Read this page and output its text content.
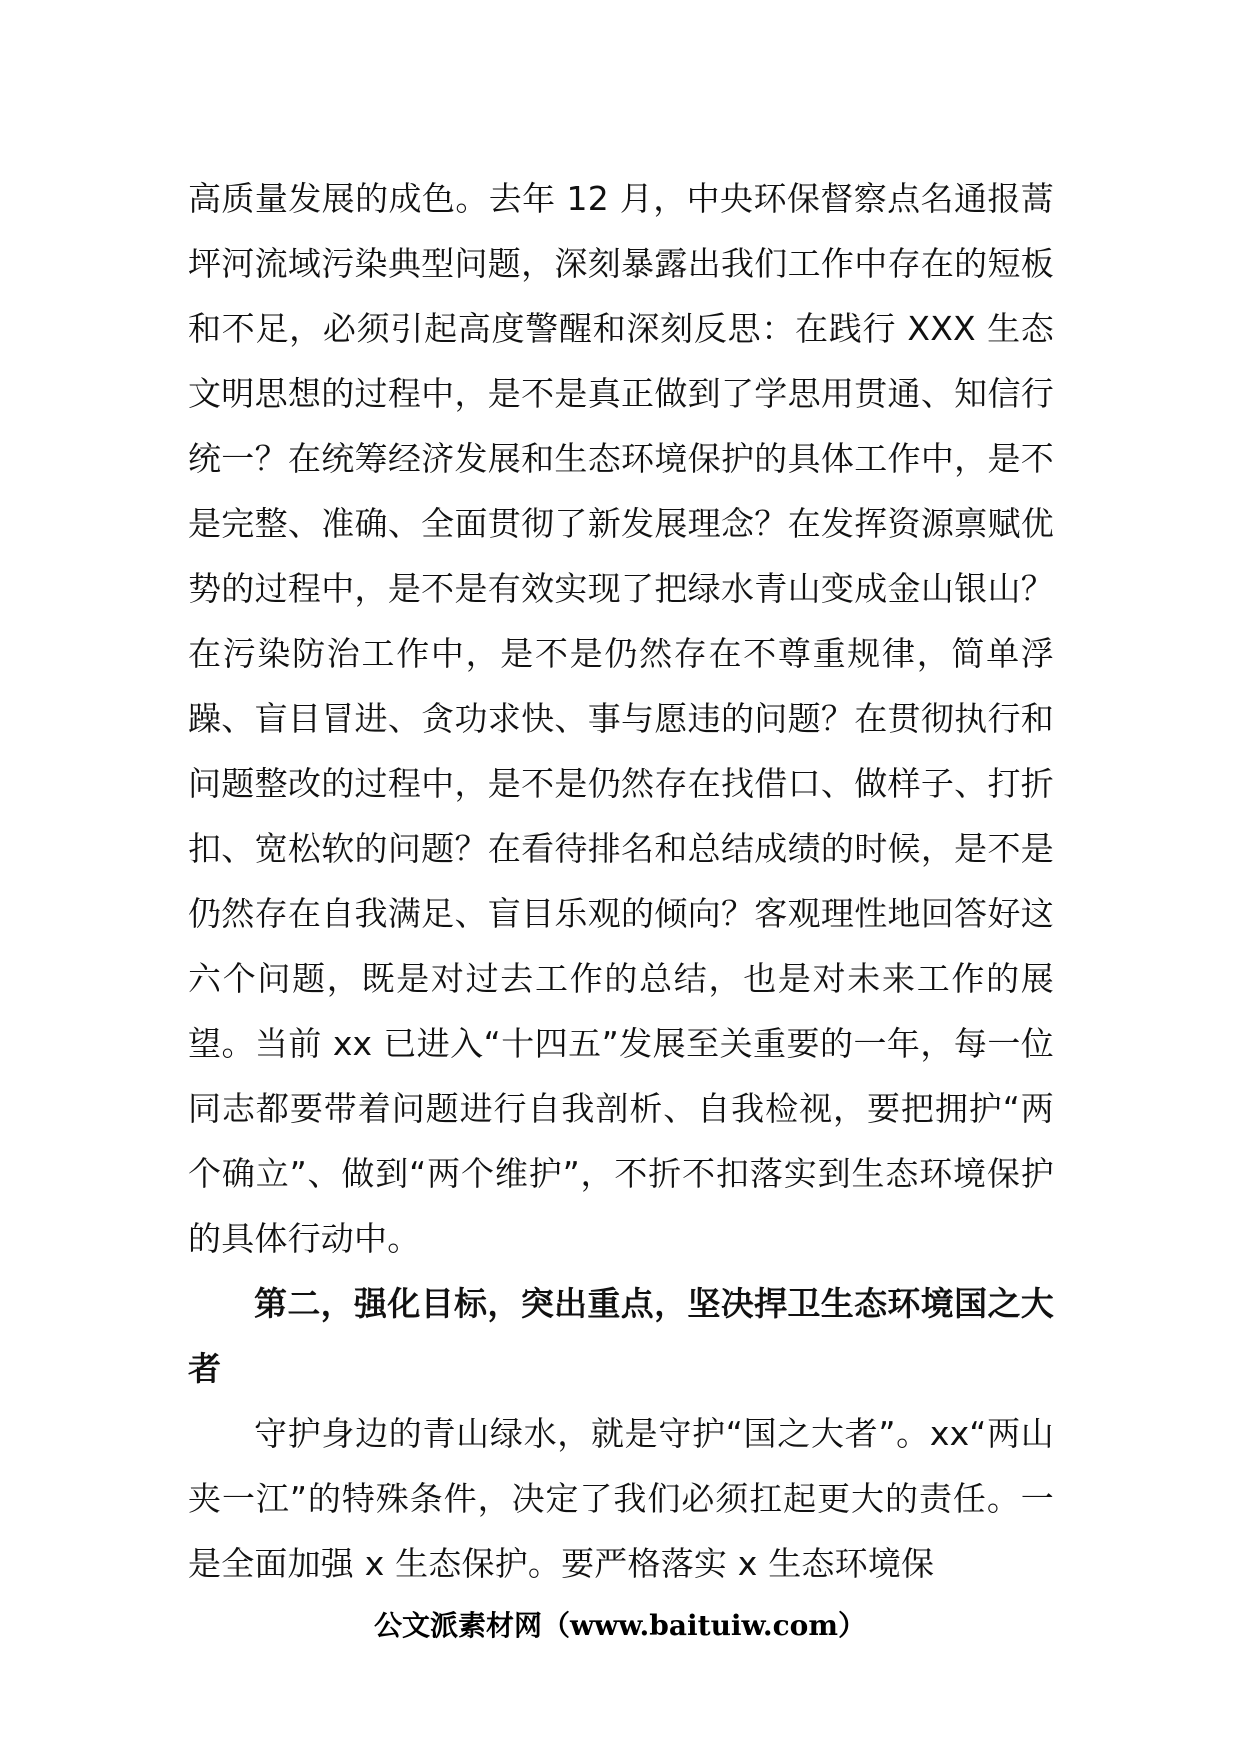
高质量发展的成色。去年 12 月，中央环保督察点名通报蒿坪河流域污染典型问题，深刻暴露出我们工作中存在的短板和不足，必须引起高度警醒和深刻反思：在践行 XXX 生态文明思想的过程中，是不是真正做到了学思用贯通、知信行统一？在统筹经济发展和生态环境保护的具体工作中，是不是完整、准确、全面贯彻了新发展理念？在发挥资源禀赋优势的过程中，是不是有效实现了把绿水青山变成金山银山？在污染防治工作中，是不是仍然存在不尊重规律，简单浮躁、盲目冒进、贪功求快、事与愿违的问题？在贯彻执行和问题整改的过程中，是不是仍然存在找借口、做样子、打折扣、宽松软的问题？在看待排名和总结成绩的时候，是不是仍然存在自我满足、盲目乐观的倾向？客观理性地回答好这六个问题，既是对过去工作的总结，也是对未来工作的展望。当前 xx 已进入“十四五”发展至关重要的一年，每一位同志都要带着问题进行自我剖析、自我检视，要把拥护“两个确立”、做到“两个维护”，不折不扣落实到生态环境保护的具体行动中。

第二，强化目标，突出重点，坚决捍卫生态环境国之大者

守护身边的青山绿水，就是守护“国之大者”。xx“两山夹一江”的特殊条件，决定了我们必须扛起更大的责任。一是全面加强 x 生态保护。要严格落实 x 生态环境保

公文派素材网（www.baituiw.com）
